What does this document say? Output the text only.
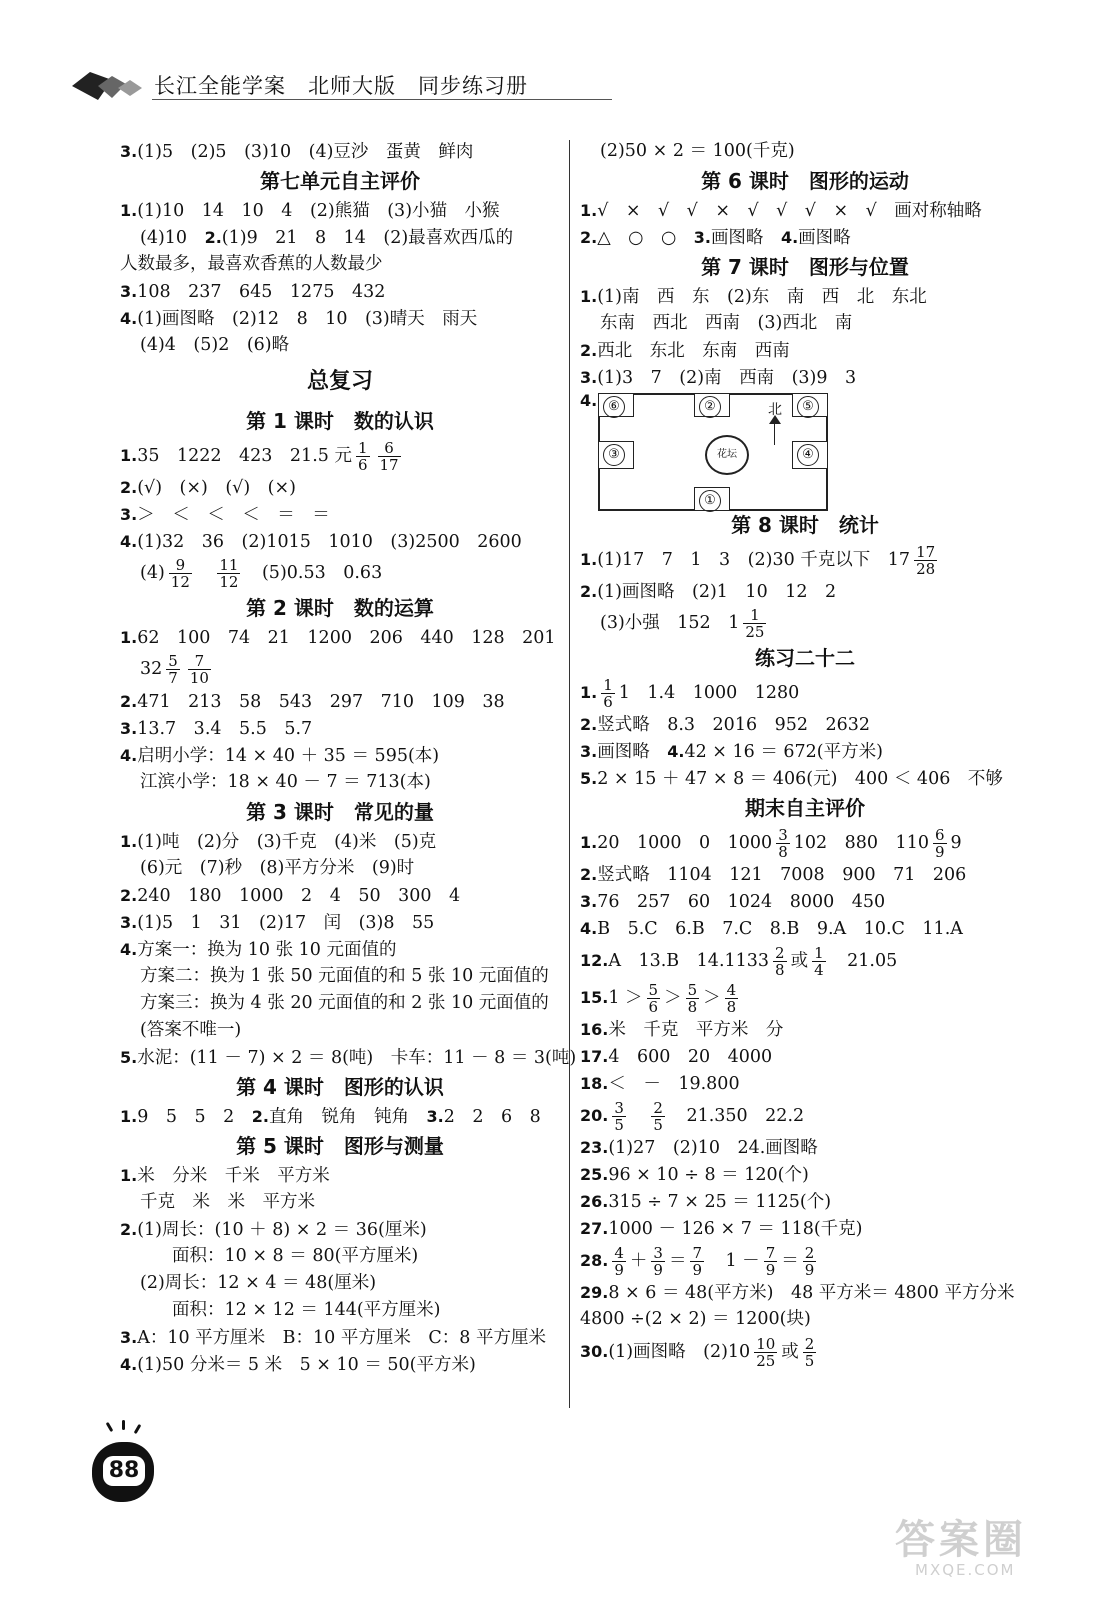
长江全能学案　北师大版　同步练习册
3.(1)5　(2)5　(3)10　(4)豆沙　蛋黄　鲜肉
第七单元自主评价
1.(1)10　14　10　4　(2)熊猫　(3)小猫　小猴
(4)10　2.(1)9　21　8　14　(2)最喜欢西瓜的
人数最多，最喜欢香蕉的人数最少
3.108　237　645　1275　432
4.(1)画图略　(2)12　8　10　(3)晴天　雨天
(4)4　(5)2　(6)略
总复习
第 1 课时　数的认识
1.35　1222　423　21.5 元 $\frac{1}{6} \frac{6}{17}$
2.(√)　(×)　(√)　(×)
3.＞　＜　＜　＜　＝　＝
4.(1)32　36　(2)1015　1010　(3)2500　2600
$(4) \frac{9}{12}$
　 $\frac{11}{12}$
　 (5)0.53　0.63
第 2 课时　数的运算
1.62　100　74　21　1200　206　440　128　201
$32 \frac{5}{7} \frac{7}{10}$
2.471　213　58　543　297　710　109　38
3.13.7　3.4　5.5　5.7
4.启明小学：14 × 40 ＋ 35 ＝ 595(本)
江滨小学：18 × 40 － 7 ＝ 713(本)
第 3 课时　常见的量
1.(1)吨　(2)分　(3)千克　(4)米　(5)克
(6)元　(7)秒　(8)平方分米　(9)时
2.240　180　1000　2　4　50　300　4
3.(1)5　1　31　(2)17　闰　(3)8　55
4.方案一：换为 10 张 10 元面值的
方案二：换为 1 张 50 元面值的和 5 张 10 元面值的
方案三：换为 4 张 20 元面值的和 2 张 10 元面值的
(答案不唯一)
5.水泥：(11 － 7) × 2 ＝ 8(吨)　卡车：11 － 8 ＝ 3(吨)
第 4 课时　图形的认识
1.9　5　5　2　2.直角　锐角　钝角　3.2　2　6　8
第 5 课时　图形与测量
1.米　分米　千米　平方米
千克　米　米　平方米
2.(1)周长：(10 ＋ 8) × 2 ＝ 36(厘米)
面积：10 × 8 ＝ 80(平方厘米)
(2)周长：12 × 4 ＝ 48(厘米)
面积：12 × 12 ＝ 144(平方厘米)
3.A：10 平方厘米　B：10 平方厘米　C：8 平方厘米
4.(1)50 分米＝ 5 米　5 × 10 ＝ 50(平方米)
(2)50 × 2 ＝ 100(千克)
第 6 课时　图形的运动
1.√　×　√　√　×　√　√　√　×　√　画对称轴略
2.△　○　○　3.画图略　4.画图略
第 7 课时　图形与位置
1.(1)南　西　东　(2)东　南　西　北　东北
东南　西北　西南　(3)西北　南
2.西北　东北　东南　西南
3.(1)3　7　(2)南　西南　(3)9　3
4. ⑥	②	⑤
③	④
①
花坛
北
第 8 课时　统计
1.(1)17　7　1　3　(2)30 千克以下　$17 \frac{17}{28}$
2.(1)画图略　(2)1　10　12　2
(3)小强　152　$1 \frac{1}{25}$
练习二十二
1. $\frac{1}{6} 1$　1.4　1000　1280
2.竖式略　8.3　2016　952　2632
3.画图略　4.42 × 16 ＝ 672(平方米)
5.2 × 15 ＋ 47 × 8 ＝ 406(元)　400 ＜ 406　不够
期末自主评价
1.20　1000　0　$1000 \frac{3}{8} 102$　880　$110 \frac{6}{9} 9$
2.竖式略　1104　121　7008　900　71　206
3.76　257　60　1024　8000　450
4.B　5.C　6.B　7.C　8.B　9.A　10.C　11.A
12.A　13.B　$14.1133 \frac{2}{8}$ 或 $\frac{1}{4}$
　 21.05
$15.1 > \frac{5}{6} > \frac{5}{8} > \frac{4}{8}$
16.米　千克　平方米　分
17.4　600　20　4000
18.＜　－　19.800
20. $\frac{3}{5}$
　 $\frac{2}{5}$
　 21.350　22.2
23.(1)27　(2)10　24.画图略
25.96 × 10 ÷ 8 ＝ 120(个)
26.315 ÷ 7 × 25 ＝ 1125(个)
27.1000 － 126 × 7 ＝ 118(千克)
28. $\frac{4}{9} + \frac{3}{9} = \frac{7}{9}$
　 $1 - \frac{7}{9} = \frac{2}{9}$
29.8 × 6 ＝ 48(平方米)　48 平方米＝ 4800 平方分米
4800 ÷(2 × 2) ＝ 1200(块)
30.(1)画图略　$(2)10 \frac{10}{25}$ 或 $\frac{2}{5}$
88
答案圈
MXQE.COM
